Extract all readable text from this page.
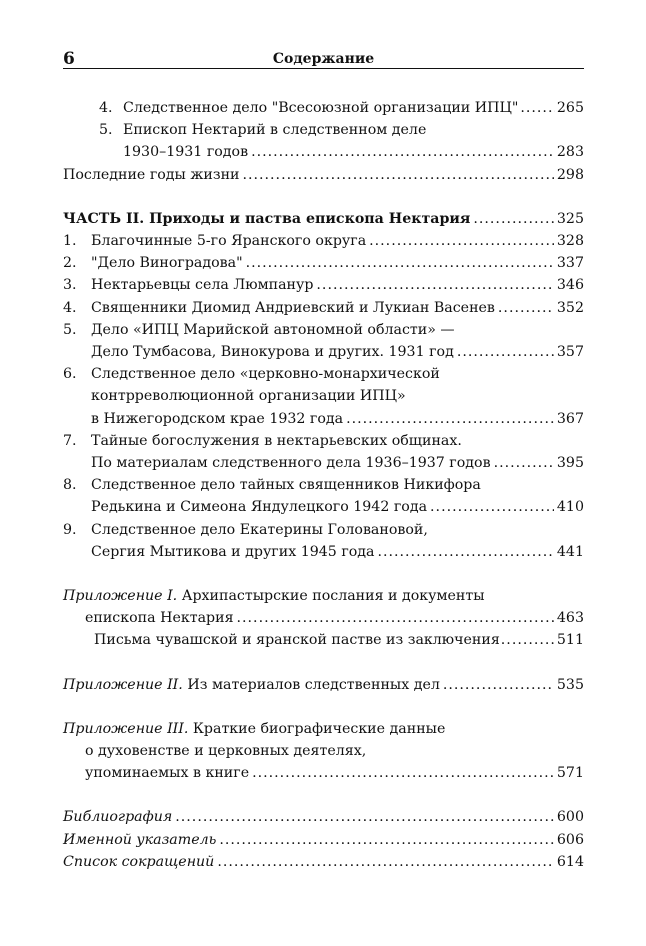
6	Содержание
4. Следственное дело "Всесоюзной организации ИПЦ" .....	265
5. Епископ Нектарий в следственном деле
1930–1931 годов .....	283
Последние годы жизни .....	298
ЧАСТЬ II. Приходы и паства епископа Нектария .....	325
1. Благочинные 5-го Яранского округа .....	328
2. "Дело Виноградова" .....	337
3. Нектарьевцы села Люмпанур .....	346
4. Священники Диомид Андриевский и Лукиан Васенев .....	352
5. Дело «ИПЦ Марийской автономной области» —
Дело Тумбасова, Винокурова и других. 1931 год .....	357
6. Следственное дело «церковно-монархической
контрреволюционной организации ИПЦ»
в Нижегородском крае 1932 года .....	367
7. Тайные богослужения в нектарьевских общинах.
По материалам следственного дела 1936–1937 годов .....	395
8. Следственное дело тайных священников Никифора
Редькина и Симеона Яндулецкого 1942 года .....	410
9. Следственное дело Екатерины Головановой,
Сергия Мытикова и других 1945 года .....	441
Приложение I. Архипастырские послания и документы
епископа Нектария .....	463
Письма чувашской и яранской пастве из заключения .....	511
Приложение II. Из материалов следственных дел .....	535
Приложение III. Краткие биографические данные
о духовенстве и церковных деятелях,
упоминаемых в книге .....	571
Библиография .....	600
Именной указатель .....	606
Список сокращений .....	614
